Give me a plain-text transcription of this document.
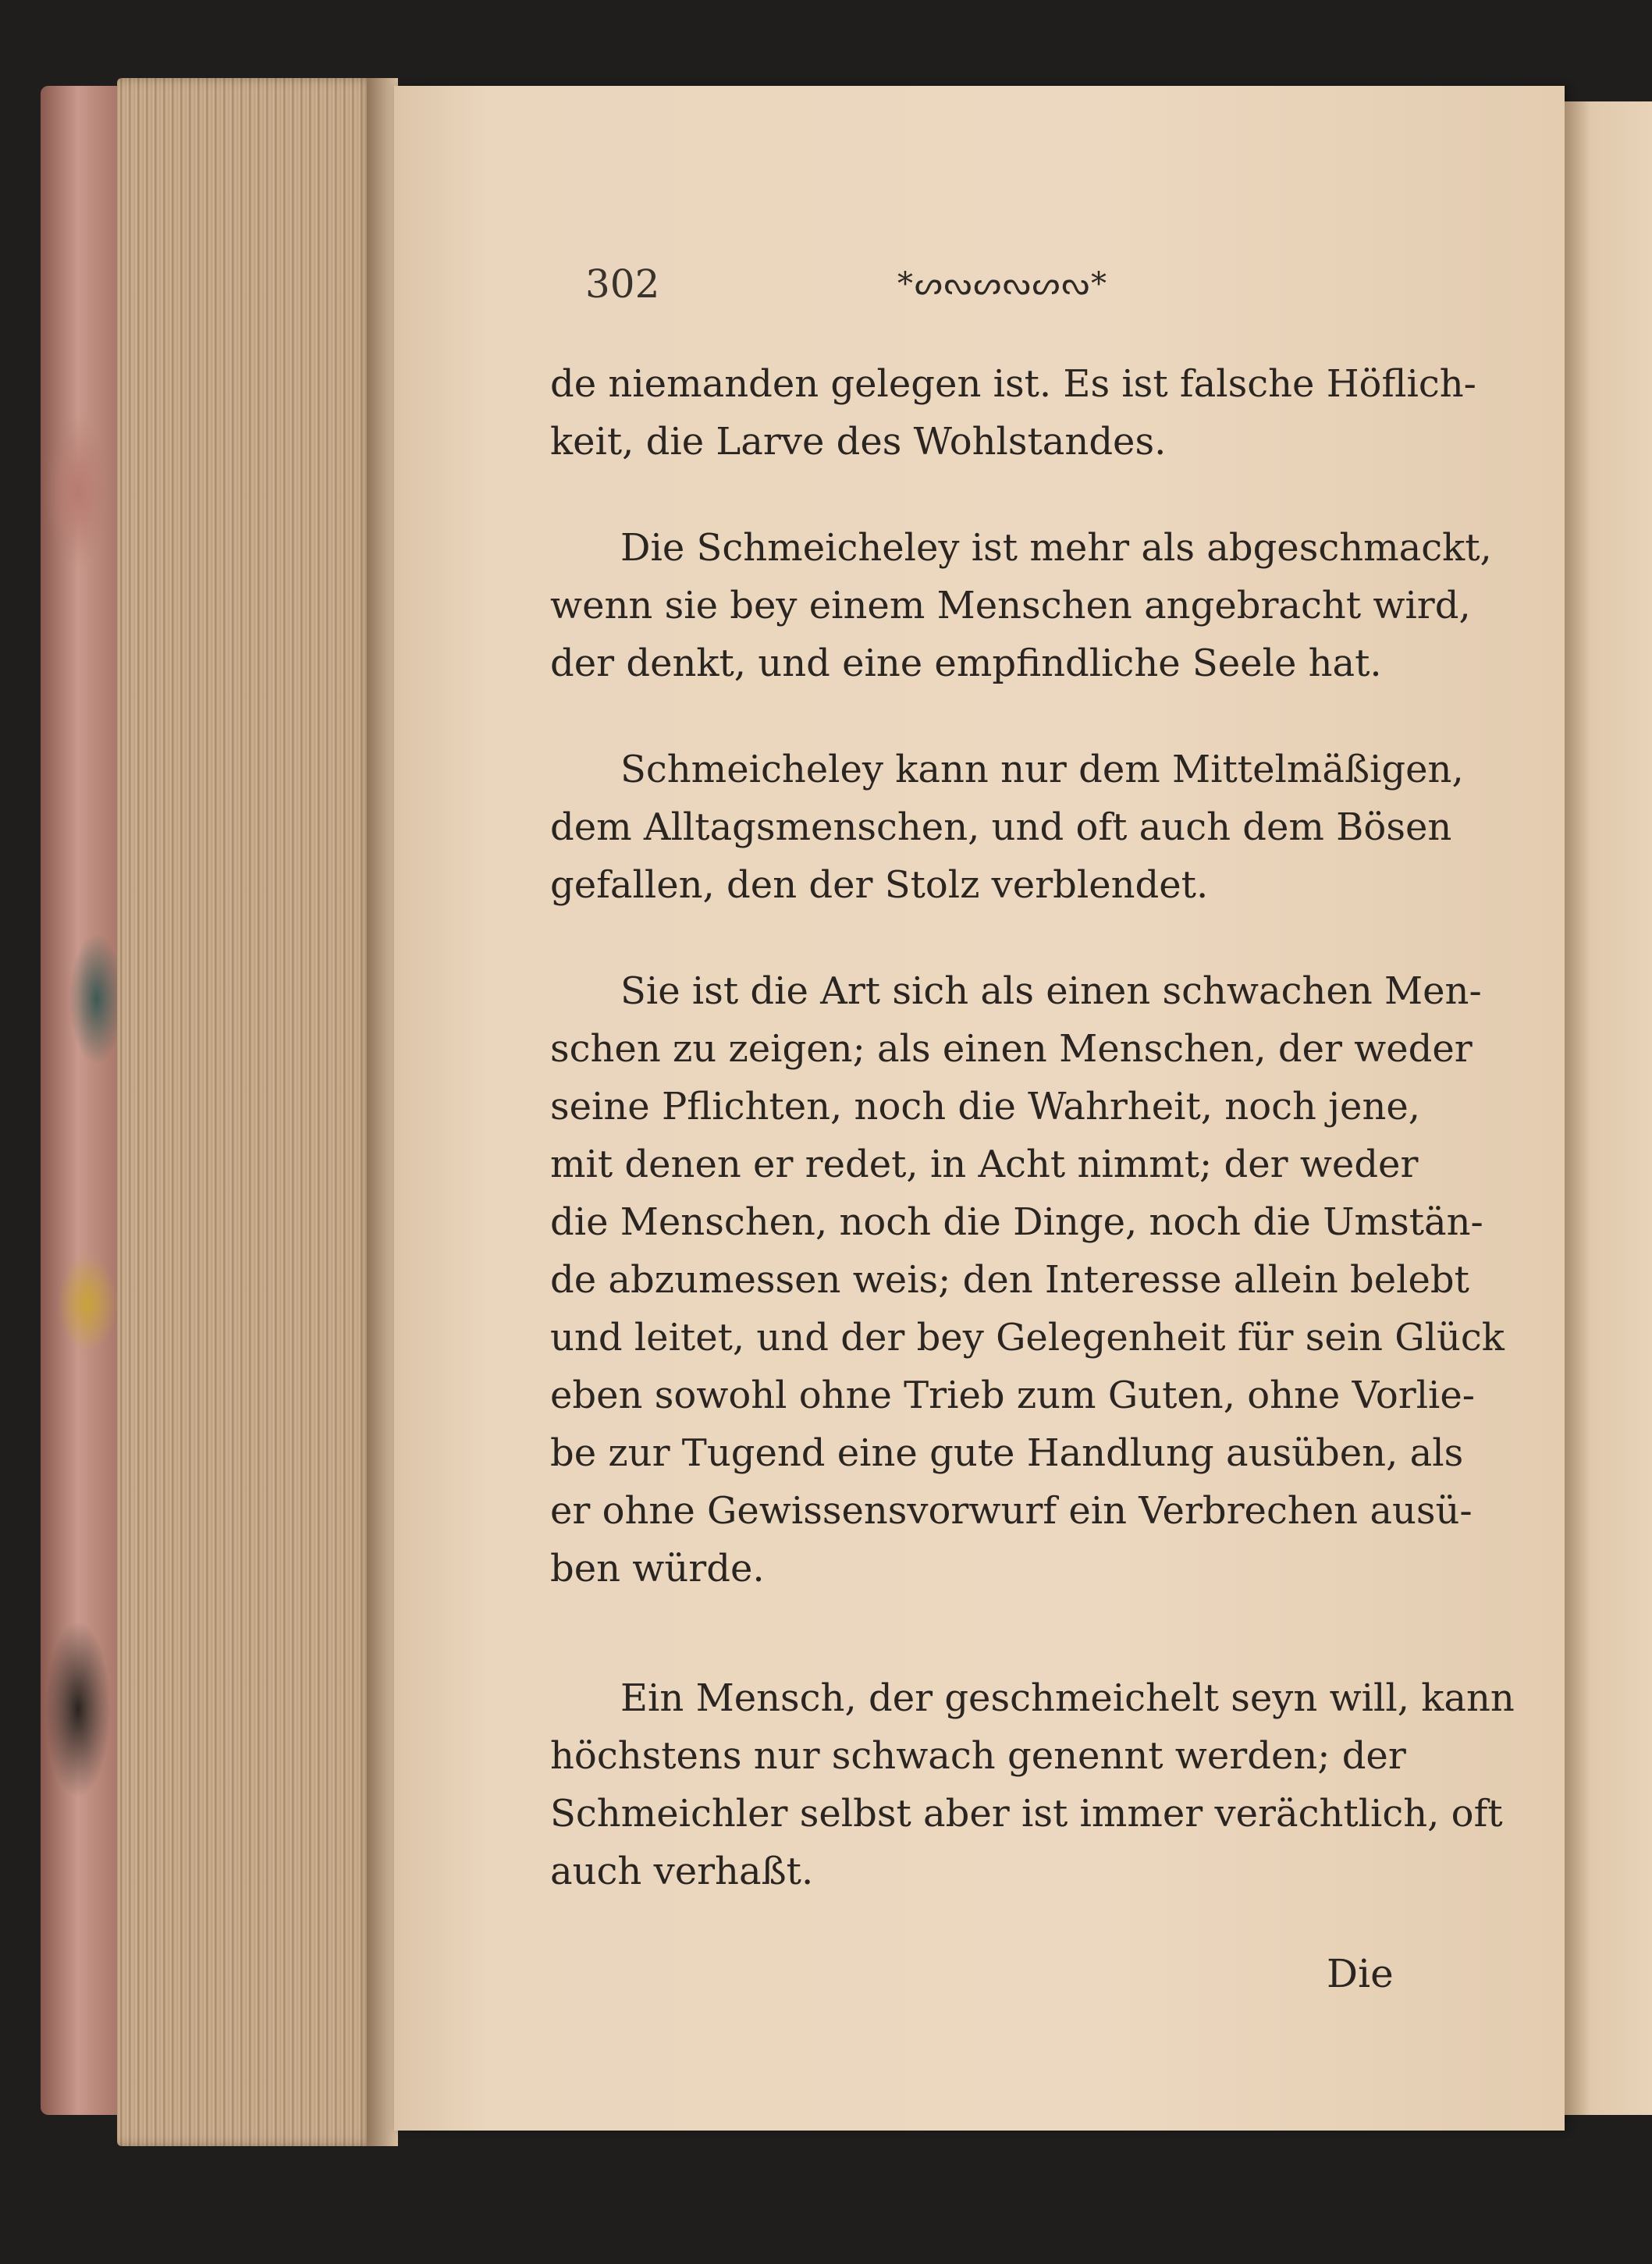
302	*ᔕᔓᔕᔓᔕᔓ*

de niemanden gelegen ist. Es ist falsche Höflich-
keit, die Larve des Wohlstandes.

Die Schmeicheley ist mehr als abgeschmackt,
wenn sie bey einem Menschen angebracht wird,
der denkt, und eine empfindliche Seele hat.

Schmeicheley kann nur dem Mittelmäßigen,
dem Alltagsmenschen, und oft auch dem Bösen
gefallen, den der Stolz verblendet.

Sie ist die Art sich als einen schwachen Men-
schen zu zeigen; als einen Menschen, der weder
seine Pflichten, noch die Wahrheit, noch jene,
mit denen er redet, in Acht nimmt; der weder
die Menschen, noch die Dinge, noch die Umstän-
de abzumessen weis; den Interesse allein belebt
und leitet, und der bey Gelegenheit für sein Glück
eben sowohl ohne Trieb zum Guten, ohne Vorlie-
be zur Tugend eine gute Handlung ausüben, als
er ohne Gewissensvorwurf ein Verbrechen ausü-
ben würde.

Ein Mensch, der geschmeichelt seyn will, kann
höchstens nur schwach genennt werden; der
Schmeichler selbst aber ist immer verächtlich, oft
auch verhaßt.

Die
